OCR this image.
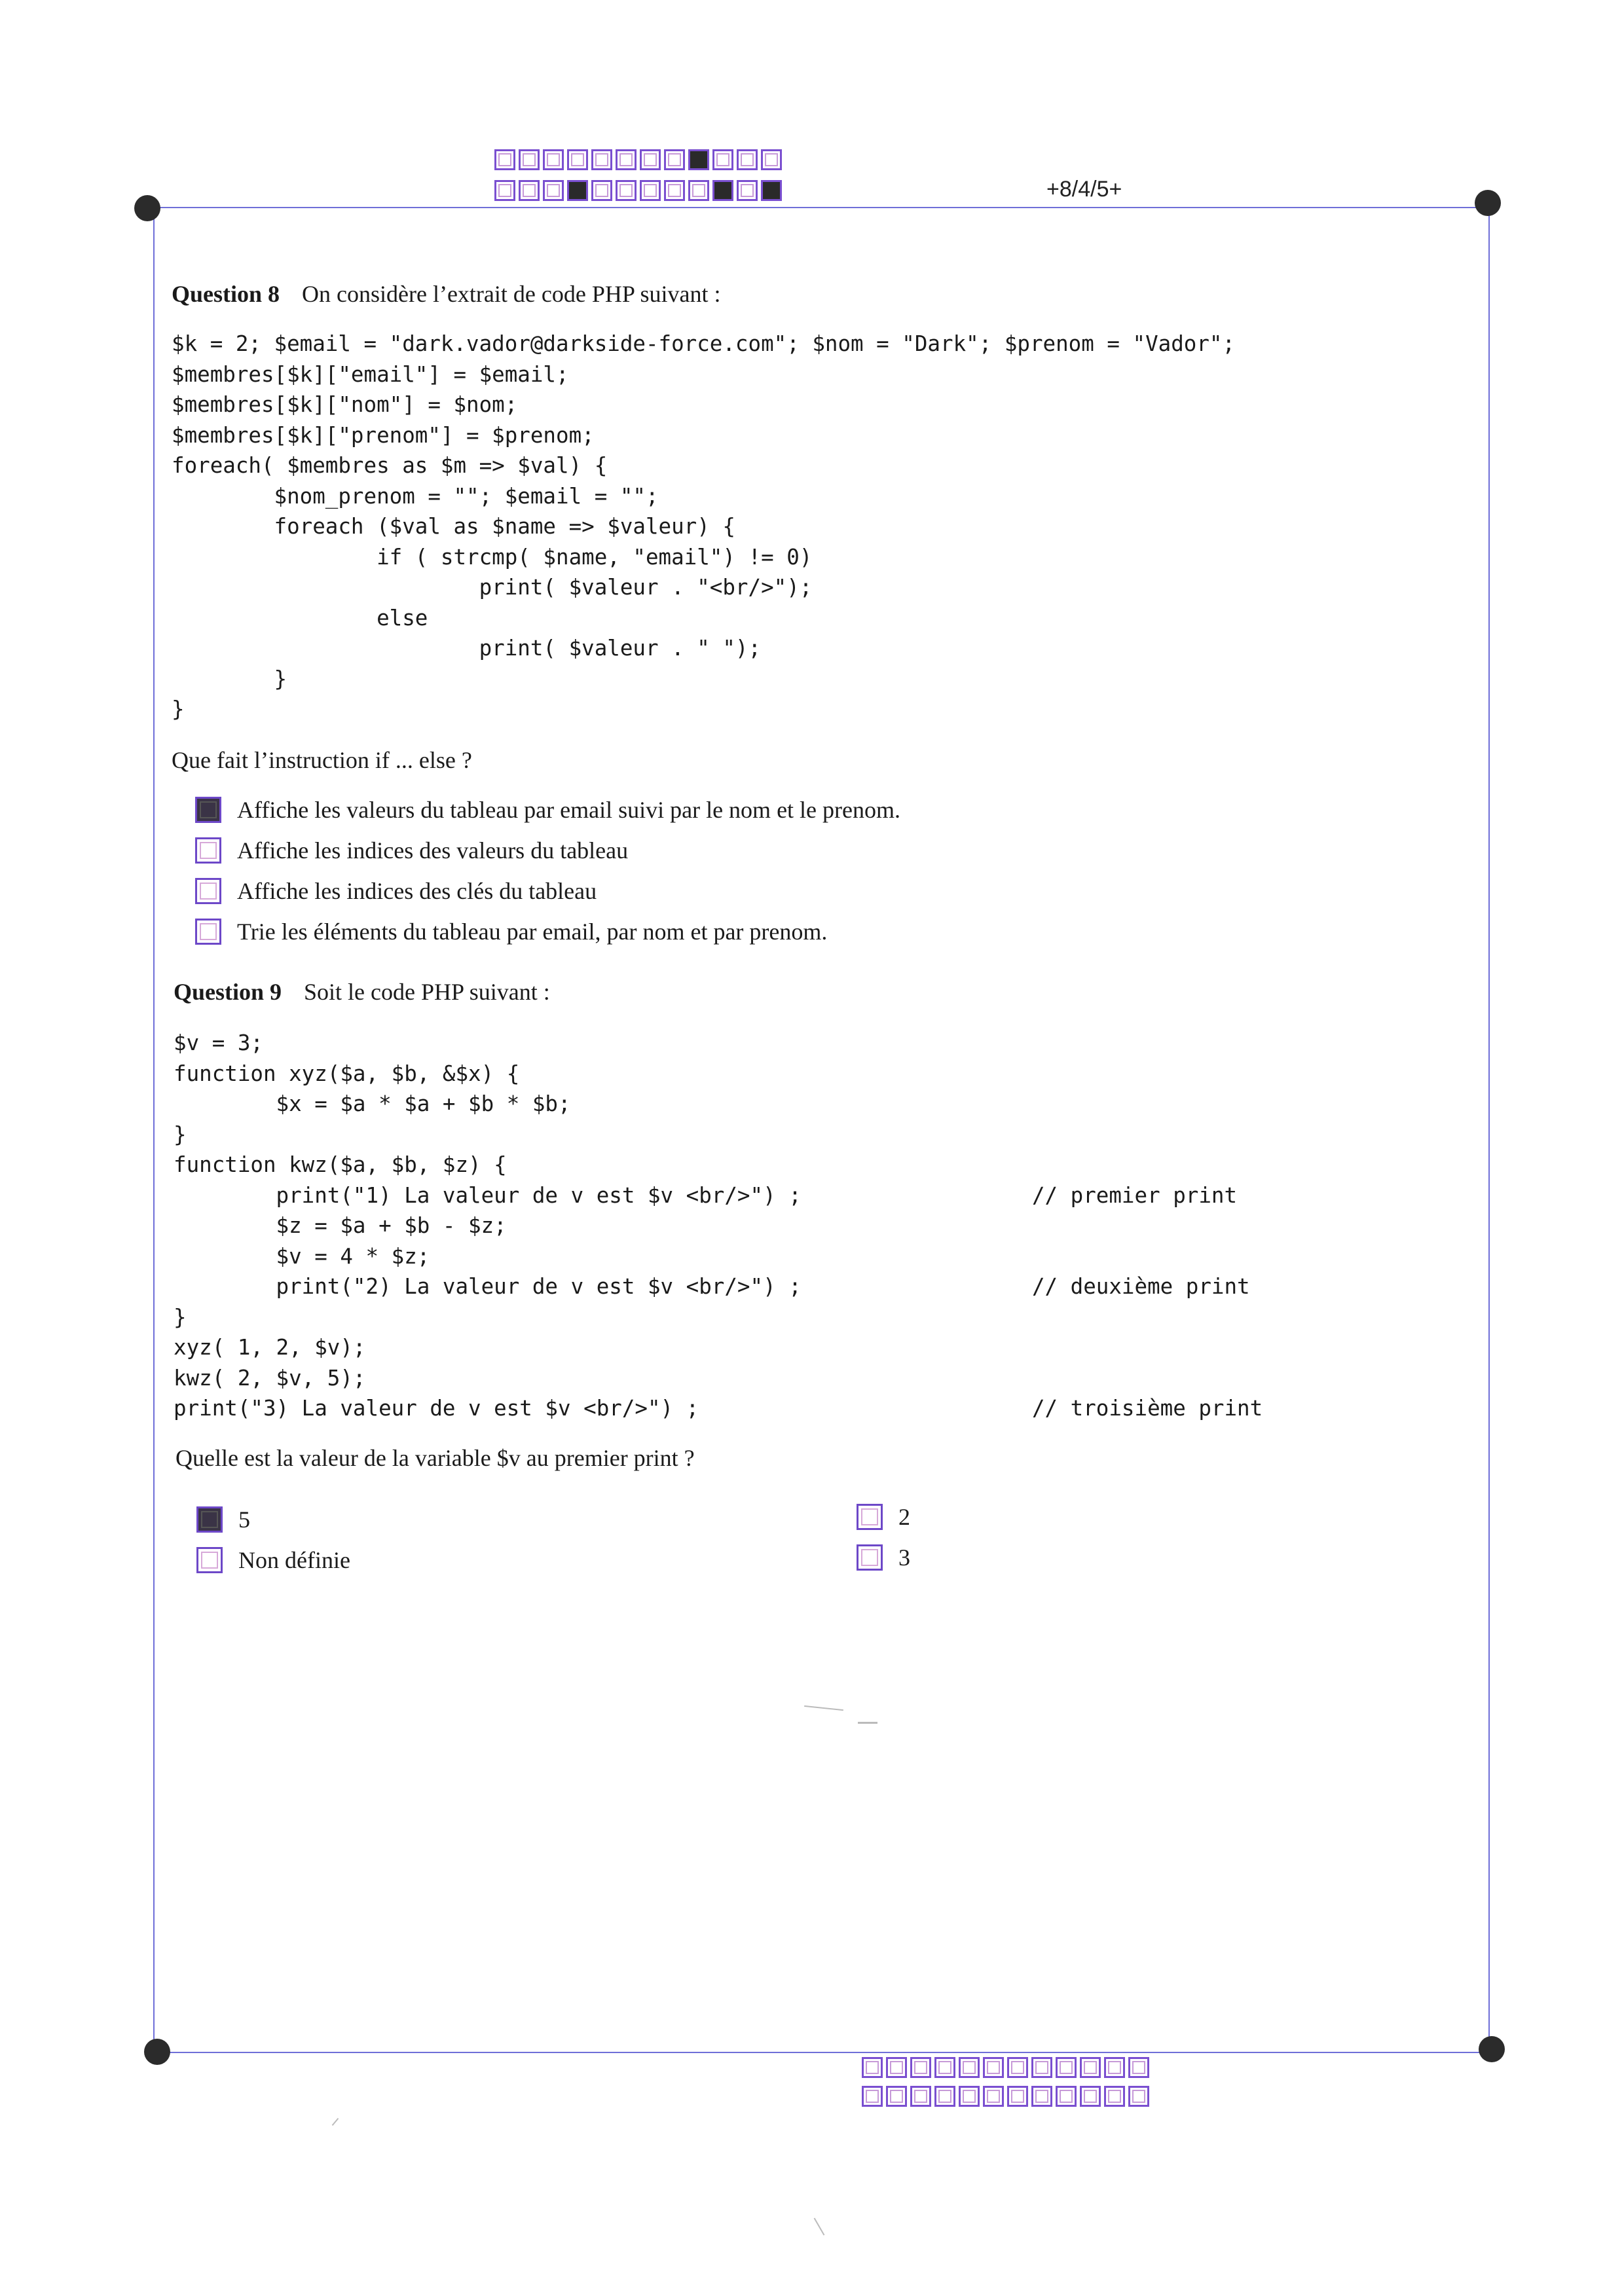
+8/4/5+
Question 8 On considère l’extrait de code PHP suivant :
$k = 2; $email = "dark.vador@darkside-force.com"; $nom = "Dark"; $prenom = "Vador";
$membres[$k]["email"] = $email;
$membres[$k]["nom"] = $nom;
$membres[$k]["prenom"] = $prenom;
foreach( $membres as $m => $val) {
$nom_prenom = ""; $email = "";
foreach ($val as $name => $valeur) {
if ( strcmp( $name, "email") != 0)
print( $valeur . "<br/>");
else
print( $valeur . " ");
}
}
Que fait l’instruction if ... else ?
Affiche les valeurs du tableau par email suivi par le nom et le prenom.
Affiche les indices des valeurs du tableau
Affiche les indices des clés du tableau
Trie les éléments du tableau par email, par nom et par prenom.
Question 9 Soit le code PHP suivant :
$v = 3;
function xyz($a, $b, &$x) {
$x = $a * $a + $b * $b;
}
function kwz($a, $b, $z) {
print("1) La valeur de v est $v <br/>") ;                  // premier print
$z = $a + $b - $z;
$v = 4 * $z;
print("2) La valeur de v est $v <br/>") ;                  // deuxième print
}
xyz( 1, 2, $v);
kwz( 2, $v, 5);
print("3) La valeur de v est $v <br/>") ;                          // troisième print
Quelle est la valeur de la variable $v au premier print ?
5
Non définie
2
3
